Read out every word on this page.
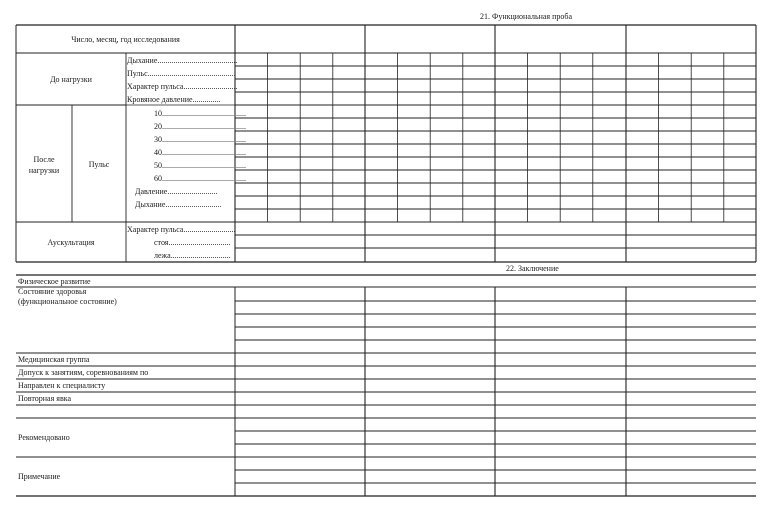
21. Функциональная проба
Число, месяц, год исследования
До нагрузки
Дыхание........................................
Пульс............................................
Характер пульса...........................
Кровяное давление..............
После
нагрузки
Пульс
10..........................................
20..........................................
30..........................................
40..........................................
50..........................................
60..........................................
Давление.........................
Дыхание............................
Аускультация
Характер пульса..........................
стоя...............................
лежа..............................
22. Заключение
Физическое развитие
Состояние здоровья
(функциональное состояние)
Медицинская группа
Допуск к занятиям, соревнованиям по
Направлен к специалисту
Повторная явка
Рекомендовано
Примечание
